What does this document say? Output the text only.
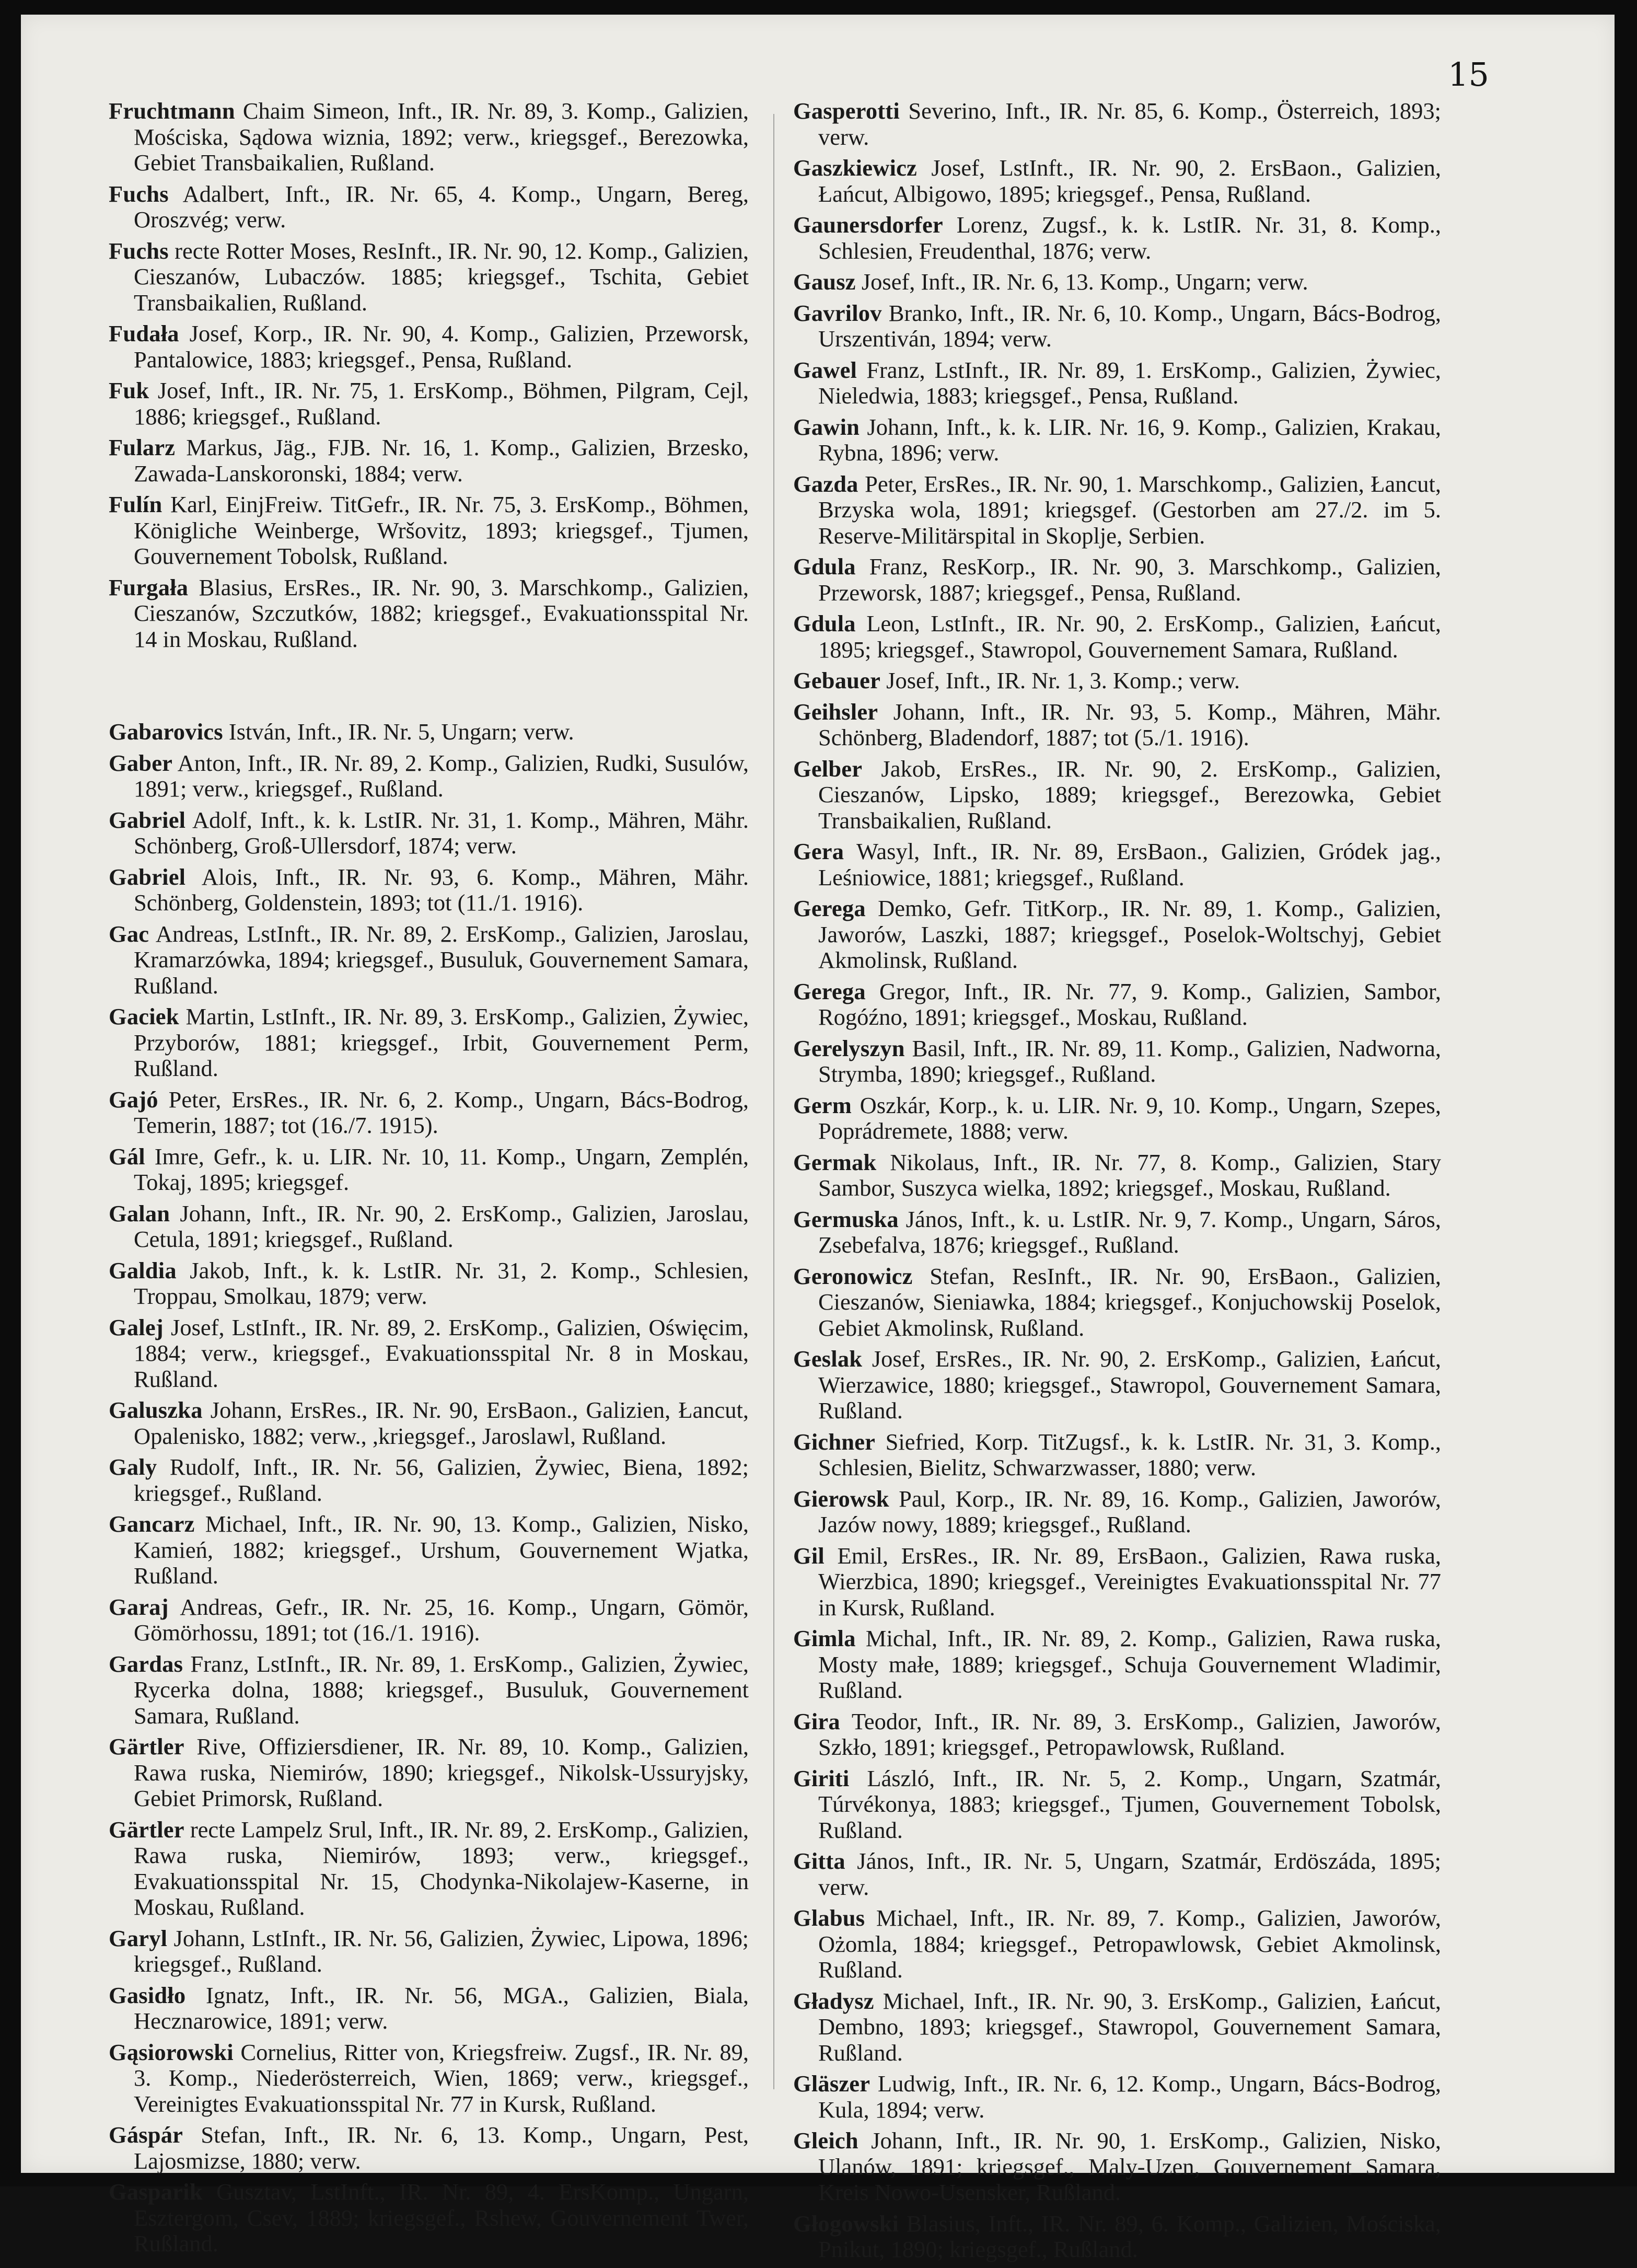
15

Fruchtmann Chaim Simeon, Inft., IR. Nr. 89, 3. Komp., Galizien, Mościska, Sądowa wiznia, 1892; verw., kriegsgef., Berezowka, Gebiet Transbaikalien, Rußland.

Fuchs Adalbert, Inft., IR. Nr. 65, 4. Komp., Ungarn, Bereg, Oroszvég; verw.

Fuchs recte Rotter Moses, ResInft., IR. Nr. 90, 12. Komp., Galizien, Cieszanów, Lubaczów. 1885; kriegsgef., Tschita, Gebiet Transbaikalien, Rußland.

Fudała Josef, Korp., IR. Nr. 90, 4. Komp., Galizien, Przeworsk, Pantalowice, 1883; kriegsgef., Pensa, Rußland.

Fuk Josef, Inft., IR. Nr. 75, 1. ErsKomp., Böhmen, Pilgram, Cejl, 1886; kriegsgef., Rußland.

Fularz Markus, Jäg., FJB. Nr. 16, 1. Komp., Galizien, Brzesko, Zawada-Lanskoronski, 1884; verw.

Fulín Karl, EinjFreiw. TitGefr., IR. Nr. 75, 3. ErsKomp., Böhmen, Königliche Weinberge, Wršovitz, 1893; kriegsgef., Tjumen, Gouvernement Tobolsk, Rußland.

Furgała Blasius, ErsRes., IR. Nr. 90, 3. Marschkomp., Galizien, Cieszanów, Szczutków, 1882; kriegsgef., Evakuationsspital Nr. 14 in Moskau, Rußland.

Gabarovics István, Inft., IR. Nr. 5, Ungarn; verw.

Gaber Anton, Inft., IR. Nr. 89, 2. Komp., Galizien, Rudki, Susulów, 1891; verw., kriegsgef., Rußland.

Gabriel Adolf, Inft., k. k. LstIR. Nr. 31, 1. Komp., Mähren, Mähr. Schönberg, Groß-Ullersdorf, 1874; verw.

Gabriel Alois, Inft., IR. Nr. 93, 6. Komp., Mähren, Mähr. Schönberg, Goldenstein, 1893; tot (11./1. 1916).

Gac Andreas, LstInft., IR. Nr. 89, 2. ErsKomp., Galizien, Jaroslau, Kramarzówka, 1894; kriegsgef., Busuluk, Gouvernement Samara, Rußland.

Gaciek Martin, LstInft., IR. Nr. 89, 3. ErsKomp., Galizien, Żywiec, Przyborów, 1881; kriegsgef., Irbit, Gouvernement Perm, Rußland.

Gajó Peter, ErsRes., IR. Nr. 6, 2. Komp., Ungarn, Bács-Bodrog, Temerin, 1887; tot (16./7. 1915).

Gál Imre, Gefr., k. u. LIR. Nr. 10, 11. Komp., Ungarn, Zemplén, Tokaj, 1895; kriegsgef.

Galan Johann, Inft., IR. Nr. 90, 2. ErsKomp., Galizien, Jaroslau, Cetula, 1891; kriegsgef., Rußland.

Galdia Jakob, Inft., k. k. LstIR. Nr. 31, 2. Komp., Schlesien, Troppau, Smolkau, 1879; verw.

Galej Josef, LstInft., IR. Nr. 89, 2. ErsKomp., Galizien, Oświęcim, 1884; verw., kriegsgef., Evakuationsspital Nr. 8 in Moskau, Rußland.

Galuszka Johann, ErsRes., IR. Nr. 90, ErsBaon., Galizien, Łancut, Opalenisko, 1882; verw., ,kriegsgef., Jaroslawl, Rußland.

Galy Rudolf, Inft., IR. Nr. 56, Galizien, Żywiec, Biena, 1892; kriegsgef., Rußland.

Gancarz Michael, Inft., IR. Nr. 90, 13. Komp., Galizien, Nisko, Kamień, 1882; kriegsgef., Urshum, Gouvernement Wjatka, Rußland.

Garaj Andreas, Gefr., IR. Nr. 25, 16. Komp., Ungarn, Gömör, Gömörhossu, 1891; tot (16./1. 1916).

Gardas Franz, LstInft., IR. Nr. 89, 1. ErsKomp., Galizien, Żywiec, Rycerka dolna, 1888; kriegsgef., Busuluk, Gouvernement Samara, Rußland.

Gärtler Rive, Offiziersdiener, IR. Nr. 89, 10. Komp., Galizien, Rawa ruska, Niemirów, 1890; kriegsgef., Nikolsk-Ussuryjsky, Gebiet Primorsk, Rußland.

Gärtler recte Lampelz Srul, Inft., IR. Nr. 89, 2. ErsKomp., Galizien, Rawa ruska, Niemirów, 1893; verw., kriegsgef., Evakuationsspital Nr. 15, Chodynka-Nikolajew-Kaserne, in Moskau, Rußland.

Garyl Johann, LstInft., IR. Nr. 56, Galizien, Żywiec, Lipowa, 1896; kriegsgef., Rußland.

Gasidło Ignatz, Inft., IR. Nr. 56, MGA., Galizien, Biala, Hecznarowice, 1891; verw.

Gąsiorowski Cornelius, Ritter von, Kriegsfreiw. Zugsf., IR. Nr. 89, 3. Komp., Niederösterreich, Wien, 1869; verw., kriegsgef., Vereinigtes Evakuationsspital Nr. 77 in Kursk, Rußland.

Gáspár Stefan, Inft., IR. Nr. 6, 13. Komp., Ungarn, Pest, Lajosmizse, 1880; verw.

Gasparik Gusztav, LstInft., IR. Nr. 89, 4. ErsKomp., Ungarn, Esztergom, Csev, 1889; kriegsgef., Rshew, Gouvernement Twer, Rußland.

Gasperotti Severino, Inft., IR. Nr. 85, 6. Komp., Österreich, 1893; verw.

Gaszkiewicz Josef, LstInft., IR. Nr. 90, 2. ErsBaon., Galizien, Łańcut, Albigowo, 1895; kriegsgef., Pensa, Rußland.

Gaunersdorfer Lorenz, Zugsf., k. k. LstIR. Nr. 31, 8. Komp., Schlesien, Freudenthal, 1876; verw.

Gausz Josef, Inft., IR. Nr. 6, 13. Komp., Ungarn; verw.

Gavrilov Branko, Inft., IR. Nr. 6, 10. Komp., Ungarn, Bács-Bodrog, Urszentiván, 1894; verw.

Gawel Franz, LstInft., IR. Nr. 89, 1. ErsKomp., Galizien, Żywiec, Nieledwia, 1883; kriegsgef., Pensa, Rußland.

Gawin Johann, Inft., k. k. LIR. Nr. 16, 9. Komp., Galizien, Krakau, Rybna, 1896; verw.

Gazda Peter, ErsRes., IR. Nr. 90, 1. Marschkomp., Galizien, Łancut, Brzyska wola, 1891; kriegsgef. (Gestorben am 27./2. im 5. Reserve-Militärspital in Skoplje, Serbien.

Gdula Franz, ResKorp., IR. Nr. 90, 3. Marschkomp., Galizien, Przeworsk, 1887; kriegsgef., Pensa, Rußland.

Gdula Leon, LstInft., IR. Nr. 90, 2. ErsKomp., Galizien, Łańcut, 1895; kriegsgef., Stawropol, Gouvernement Samara, Rußland.

Gebauer Josef, Inft., IR. Nr. 1, 3. Komp.; verw.

Geihsler Johann, Inft., IR. Nr. 93, 5. Komp., Mähren, Mähr. Schönberg, Bladendorf, 1887; tot (5./1. 1916).

Gelber Jakob, ErsRes., IR. Nr. 90, 2. ErsKomp., Galizien, Cieszanów, Lipsko, 1889; kriegsgef., Berezowka, Gebiet Transbaikalien, Rußland.

Gera Wasyl, Inft., IR. Nr. 89, ErsBaon., Galizien, Gródek jag., Leśniowice, 1881; kriegsgef., Rußland.

Gerega Demko, Gefr. TitKorp., IR. Nr. 89, 1. Komp., Galizien, Jaworów, Laszki, 1887; kriegsgef., Poselok-Woltschyj, Gebiet Akmolinsk, Rußland.

Gerega Gregor, Inft., IR. Nr. 77, 9. Komp., Galizien, Sambor, Rogóźno, 1891; kriegsgef., Moskau, Rußland.

Gerelyszyn Basil, Inft., IR. Nr. 89, 11. Komp., Galizien, Nadworna, Strymba, 1890; kriegsgef., Rußland.

Germ Oszkár, Korp., k. u. LIR. Nr. 9, 10. Komp., Ungarn, Szepes, Poprádremete, 1888; verw.

Germak Nikolaus, Inft., IR. Nr. 77, 8. Komp., Galizien, Stary Sambor, Suszyca wielka, 1892; kriegsgef., Moskau, Rußland.

Germuska János, Inft., k. u. LstIR. Nr. 9, 7. Komp., Ungarn, Sáros, Zsebefalva, 1876; kriegsgef., Rußland.

Geronowicz Stefan, ResInft., IR. Nr. 90, ErsBaon., Galizien, Cieszanów, Sieniawka, 1884; kriegsgef., Konjuchowskij Poselok, Gebiet Akmolinsk, Rußland.

Geslak Josef, ErsRes., IR. Nr. 90, 2. ErsKomp., Galizien, Łańcut, Wierzawice, 1880; kriegsgef., Stawropol, Gouvernement Samara, Rußland.

Gichner Siefried, Korp. TitZugsf., k. k. LstIR. Nr. 31, 3. Komp., Schlesien, Bielitz, Schwarzwasser, 1880; verw.

Gierowsk Paul, Korp., IR. Nr. 89, 16. Komp., Galizien, Jaworów, Jazów nowy, 1889; kriegsgef., Rußland.

Gil Emil, ErsRes., IR. Nr. 89, ErsBaon., Galizien, Rawa ruska, Wierzbica, 1890; kriegsgef., Vereinigtes Evakuationsspital Nr. 77 in Kursk, Rußland.

Gimla Michal, Inft., IR. Nr. 89, 2. Komp., Galizien, Rawa ruska, Mosty małe, 1889; kriegsgef., Schuja Gouvernement Wladimir, Rußland.

Gira Teodor, Inft., IR. Nr. 89, 3. ErsKomp., Galizien, Jaworów, Szkło, 1891; kriegsgef., Petropawlowsk, Rußland.

Giriti László, Inft., IR. Nr. 5, 2. Komp., Ungarn, Szatmár, Túrvékonya, 1883; kriegsgef., Tjumen, Gouvernement Tobolsk, Rußland.

Gitta János, Inft., IR. Nr. 5, Ungarn, Szatmár, Erdöszáda, 1895; verw.

Glabus Michael, Inft., IR. Nr. 89, 7. Komp., Galizien, Jaworów, Ożomla, 1884; kriegsgef., Petropawlowsk, Gebiet Akmolinsk, Rußland.

Gładysz Michael, Inft., IR. Nr. 90, 3. ErsKomp., Galizien, Łańcut, Dembno, 1893; kriegsgef., Stawropol, Gouvernement Samara, Rußland.

Gläszer Ludwig, Inft., IR. Nr. 6, 12. Komp., Ungarn, Bács-Bodrog, Kula, 1894; verw.

Gleich Johann, Inft., IR. Nr. 90, 1. ErsKomp., Galizien, Nisko, Ulanów, 1891; kriegsgef., Maly-Uzen, Gouvernement Samara, Kreis Nowo-Usensker, Rußland.

Głogowski Blasius, Inft., IR. Nr. 89, 6. Komp., Galizien, Mościska, Pnikut, 1890; kriegsgef., Rußland.
